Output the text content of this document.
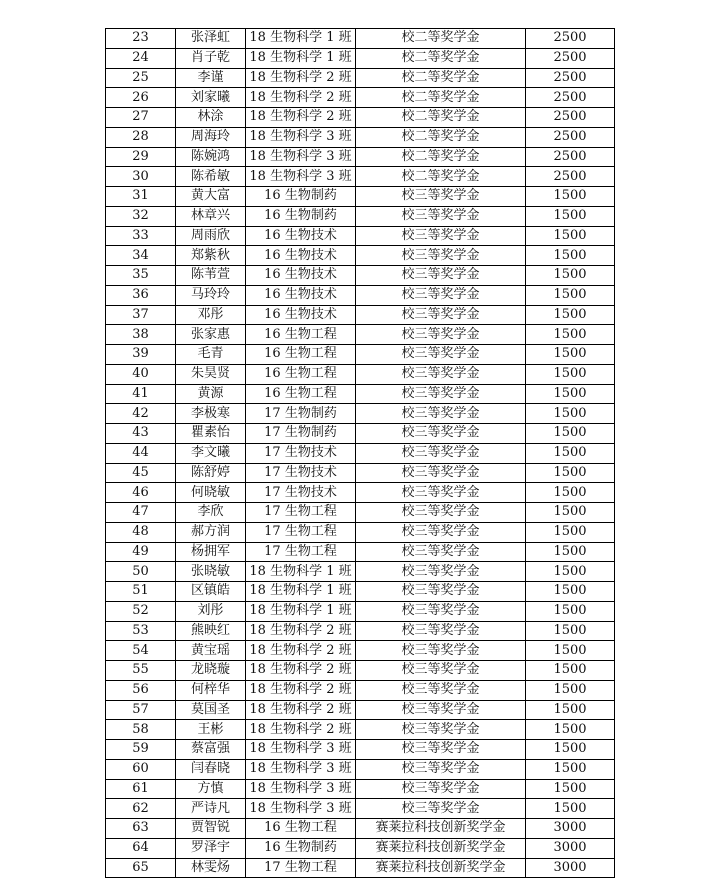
23	张泽虹	18 生物科学 1 班	校二等奖学金	2500
24	肖子乾	18 生物科学 1 班	校二等奖学金	2500
25	李谨	18 生物科学 2 班	校二等奖学金	2500
26	刘家曦	18 生物科学 2 班	校二等奖学金	2500
27	林涂	18 生物科学 2 班	校二等奖学金	2500
28	周海玲	18 生物科学 3 班	校二等奖学金	2500
29	陈婉鸿	18 生物科学 3 班	校二等奖学金	2500
30	陈希敏	18 生物科学 3 班	校二等奖学金	2500
31	黄大富	16 生物制药	校三等奖学金	1500
32	林章兴	16 生物制药	校三等奖学金	1500
33	周雨欣	16 生物技术	校三等奖学金	1500
34	郑紫秋	16 生物技术	校三等奖学金	1500
35	陈苇萱	16 生物技术	校三等奖学金	1500
36	马玲玲	16 生物技术	校三等奖学金	1500
37	邓彤	16 生物技术	校三等奖学金	1500
38	张家惠	16 生物工程	校三等奖学金	1500
39	毛青	16 生物工程	校三等奖学金	1500
40	朱昊贤	16 生物工程	校三等奖学金	1500
41	黄源	16 生物工程	校三等奖学金	1500
42	李极寒	17 生物制药	校三等奖学金	1500
43	瞿素怡	17 生物制药	校三等奖学金	1500
44	李文曦	17 生物技术	校三等奖学金	1500
45	陈舒婷	17 生物技术	校三等奖学金	1500
46	何晓敏	17 生物技术	校三等奖学金	1500
47	李欣	17 生物工程	校三等奖学金	1500
48	郝方润	17 生物工程	校三等奖学金	1500
49	杨拥军	17 生物工程	校三等奖学金	1500
50	张晓敏	18 生物科学 1 班	校三等奖学金	1500
51	区镇皓	18 生物科学 1 班	校三等奖学金	1500
52	刘彤	18 生物科学 1 班	校三等奖学金	1500
53	熊映红	18 生物科学 2 班	校三等奖学金	1500
54	黄宝瑶	18 生物科学 2 班	校三等奖学金	1500
55	龙晓璇	18 生物科学 2 班	校三等奖学金	1500
56	何梓华	18 生物科学 2 班	校三等奖学金	1500
57	莫国圣	18 生物科学 2 班	校三等奖学金	1500
58	王彬	18 生物科学 2 班	校三等奖学金	1500
59	蔡富强	18 生物科学 3 班	校三等奖学金	1500
60	闫春晓	18 生物科学 3 班	校三等奖学金	1500
61	方慎	18 生物科学 3 班	校三等奖学金	1500
62	严诗凡	18 生物科学 3 班	校三等奖学金	1500
63	贾智锐	16 生物工程	赛莱拉科技创新奖学金	3000
64	罗泽宇	16 生物制药	赛莱拉科技创新奖学金	3000
65	林雯炀	17 生物工程	赛莱拉科技创新奖学金	3000
